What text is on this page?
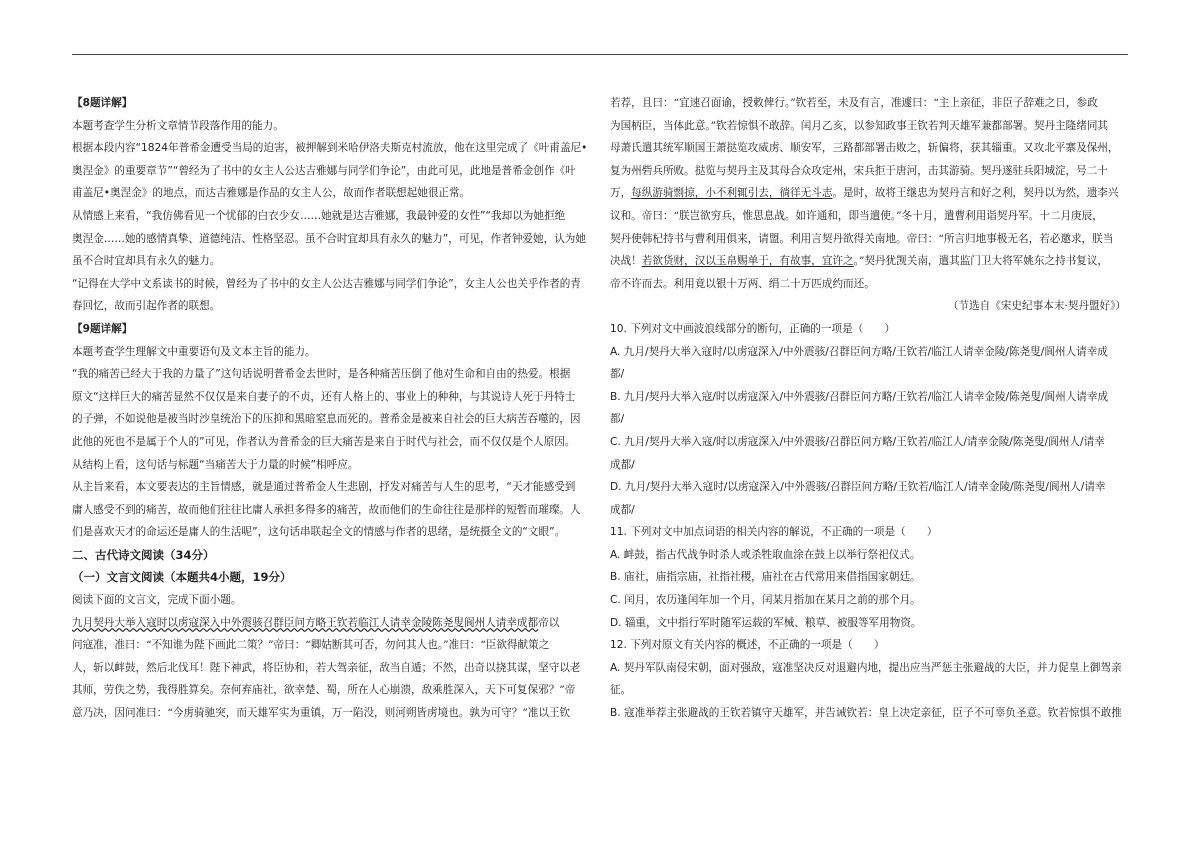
【8题详解】

本题考查学生分析文章情节段落作用的能力。

根据本段内容“1824年普希金遭受当局的迫害，被押解到米哈伊洛夫斯克村流放，他在这里完成了《叶甫盖尼•

奥涅金》的重要章节”“曾经为了书中的女主人公达吉雅娜与同学们争论”，由此可见，此地是普希金创作《叶

甫盖尼•奥涅金》的地点，而达吉雅娜是作品的女主人公，故而作者联想起她很正常。

从情感上来看，“我仿佛看见一个忧郁的白衣少女……她就是达吉雅娜，我最钟爱的女性”“我却以为她拒绝

奥涅金……她的感情真挚、道德纯洁、性格坚忍。虽不合时宜却具有永久的魅力”，可见，作者钟爱她，认为她

虽不合时宜却具有永久的魅力。

“记得在大学中文系读书的时候，曾经为了书中的女主人公达吉雅娜与同学们争论”，女主人公也关乎作者的青

春回忆，故而引起作者的联想。

【9题详解】

本题考查学生理解文中重要语句及文本主旨的能力。

“我的痛苦已经大于我的力量了”这句话说明普希金去世时，是各种痛苦压倒了他对生命和自由的热爱。根据

原文“这样巨大的痛苦显然不仅仅是来自妻子的不贞，还有人格上的、事业上的种种，与其说诗人死于丹特士

的子弹，不如说他是被当时沙皇统治下的压抑和黑暗窒息而死的。普希金是被来自社会的巨大病苦吞噬的，因

此他的死也不是属于个人的”可见，作者认为普希金的巨大痛苦是来自于时代与社会，而不仅仅是个人原因。

从结构上看，这句话与标题“当痛苦大于力量的时候”相呼应。

从主旨来看，本文要表达的主旨情感，就是通过普希金人生悲剧，抒发对痛苦与人生的思考，“天才能感受到

庸人感受不到的痛苦，故而他们往往比庸人承担多得多的痛苦，故而他们的生命往往是那样的短暂而璀璨。人

们是喜欢天才的命运还是庸人的生活呢”，这句话串联起全文的情感与作者的思绪，是统摄全文的“文眼”。

二、古代诗文阅读（34分）

（一）文言文阅读（本题共4小题，19分）

阅读下面的文言文，完成下面小题。

九月契丹大举入寇时以虏寇深入中外震骇召群臣问方略王钦若临江人请幸金陵陈尧叟阆州人请幸成都帝以

问寇准，准曰：“不知谁为陛下画此二策？”帝曰：“卿姑断其可否，勿问其人也。”准曰：“臣欲得献策之

人，斩以衅鼓，然后北伐耳！陛下神武，将臣协和，若大驾亲征，敌当自遁；不然，出奇以挠其谋，坚守以老

其师，劳佚之势，我得胜算矣。奈何弃庙社，欲幸楚、蜀，所在人心崩溃，敌乘胜深入，天下可复保邪？”帝

意乃决，因问准曰：“今虏骑驰突，而天雄军实为重镇，万一陷没，则河朔皆虏境也。孰为可守？”准以王钦

若荐，且曰：“宜速召面谕，授敕俾行。”钦若至，未及有言，准遽曰：“主上亲征，非臣子辞难之日，参政

为国柄臣，当体此意。”钦若惊惧不敢辞。闰月乙亥，以参知政事王钦若判天雄军兼都部署。契丹主隆绪同其

母萧氏遣其统军顺国王萧挞览攻威虏、顺安军，三路都部署击败之，斩偏将，获其辎重。又攻北平寨及保州，

复为州砦兵所败。挞览与契丹主及其母合众攻定州，宋兵拒于唐河，击其游骑。契丹遂驻兵阳城淀，号二十

万，每纵游骑剽掠，小不利辄引去，徜徉无斗志。是时，故将王继忠为契丹言和好之利，契丹以为然，遗李兴

议和。帝曰：“朕岂欲穷兵，惟思息战。如许通和，即当遣使。”冬十月，遣曹利用诣契丹军。十二月庚辰，

契丹使韩杞持书与曹利用俱来，请盟。利用言契丹欲得关南地。帝曰：“所言归地事极无名，若必邀求，朕当

决战！若欲货财，汉以玉帛赐单于，有故事，宜许之。”契丹犹觊关南，遣其监门卫大将军姚东之持书复议，

帝不许而去。利用竟以银十万两、绢二十万匹成约而还。

（节选自《宋史纪事本末·契丹盟好》）

10. 下列对文中画波浪线部分的断句，正确的一项是（　　）

A. 九月/契丹大举入寇时/以虏寇深入/中外震骇/召群臣问方略/王钦若/临江人请幸金陵/陈尧叟/阆州人请幸成

都/

B. 九月/契丹大举入寇/时以虏寇深入/中外震骇/召群臣问方略/王钦若/临江人请幸金陵/陈尧叟/阆州人请幸成

都/

C. 九月/契丹大举入寇/时以虏寇深入/中外震骇/召群臣问方略/王钦若/临江人/请幸金陵/陈尧叟/阆州人/请幸

成都/

D. 九月/契丹大举入寇时/以虏寇深入/中外震骇/召群臣问方略/王钦若/临江人/请幸金陵/陈尧叟/阆州人/请幸

成都/

11. 下列对文中加点词语的相关内容的解说，不正确的一项是（　　）

A. 衅鼓，指古代战争时杀人或杀牲取血涂在鼓上以举行祭祀仪式。

B. 庙社，庙指宗庙，社指社稷，庙社在古代常用来借指国家朝廷。

C. 闰月，农历逢闰年加一个月，闰某月指加在某月之前的那个月。

D. 辎重，文中指行军时随军运载的军械、粮草、被服等军用物资。

12. 下列对原文有关内容的概述，不正确的一项是（　　）

A. 契丹军队南侵宋朝，面对强敌，寇准坚决反对退避内地，提出应当严惩主张避战的大臣，并力促皇上御驾亲

征。

B. 寇准举荐主张避战的王钦若镇守天雄军，并告诫钦若：皇上决定亲征，臣子不可辜负圣意。钦若惊惧不敢推
